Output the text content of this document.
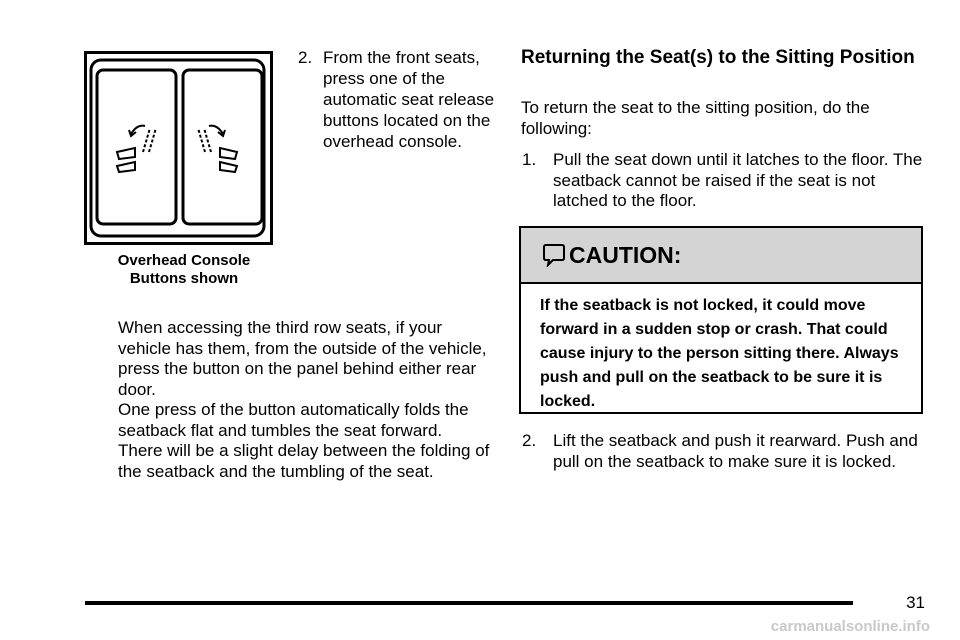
Overhead Console
Buttons shown
2. From the front seats, press one of the automatic seat release buttons located on the overhead console.
When accessing the third row seats, if your vehicle has them, from the outside of the vehicle, press the button on the panel behind either rear door.
One press of the button automatically folds the seatback flat and tumbles the seat forward. There will be a slight delay between the folding of the seatback and the tumbling of the seat.
Returning the Seat(s) to the Sitting Position
To return the seat to the sitting position, do the following:
1. Pull the seat down until it latches to the floor. The seatback cannot be raised if the seat is not latched to the floor.
CAUTION:
If the seatback is not locked, it could move forward in a sudden stop or crash. That could cause injury to the person sitting there. Always push and pull on the seatback to be sure it is locked.
2. Lift the seatback and push it rearward. Push and pull on the seatback to make sure it is locked.
31
carmanualsonline.info
